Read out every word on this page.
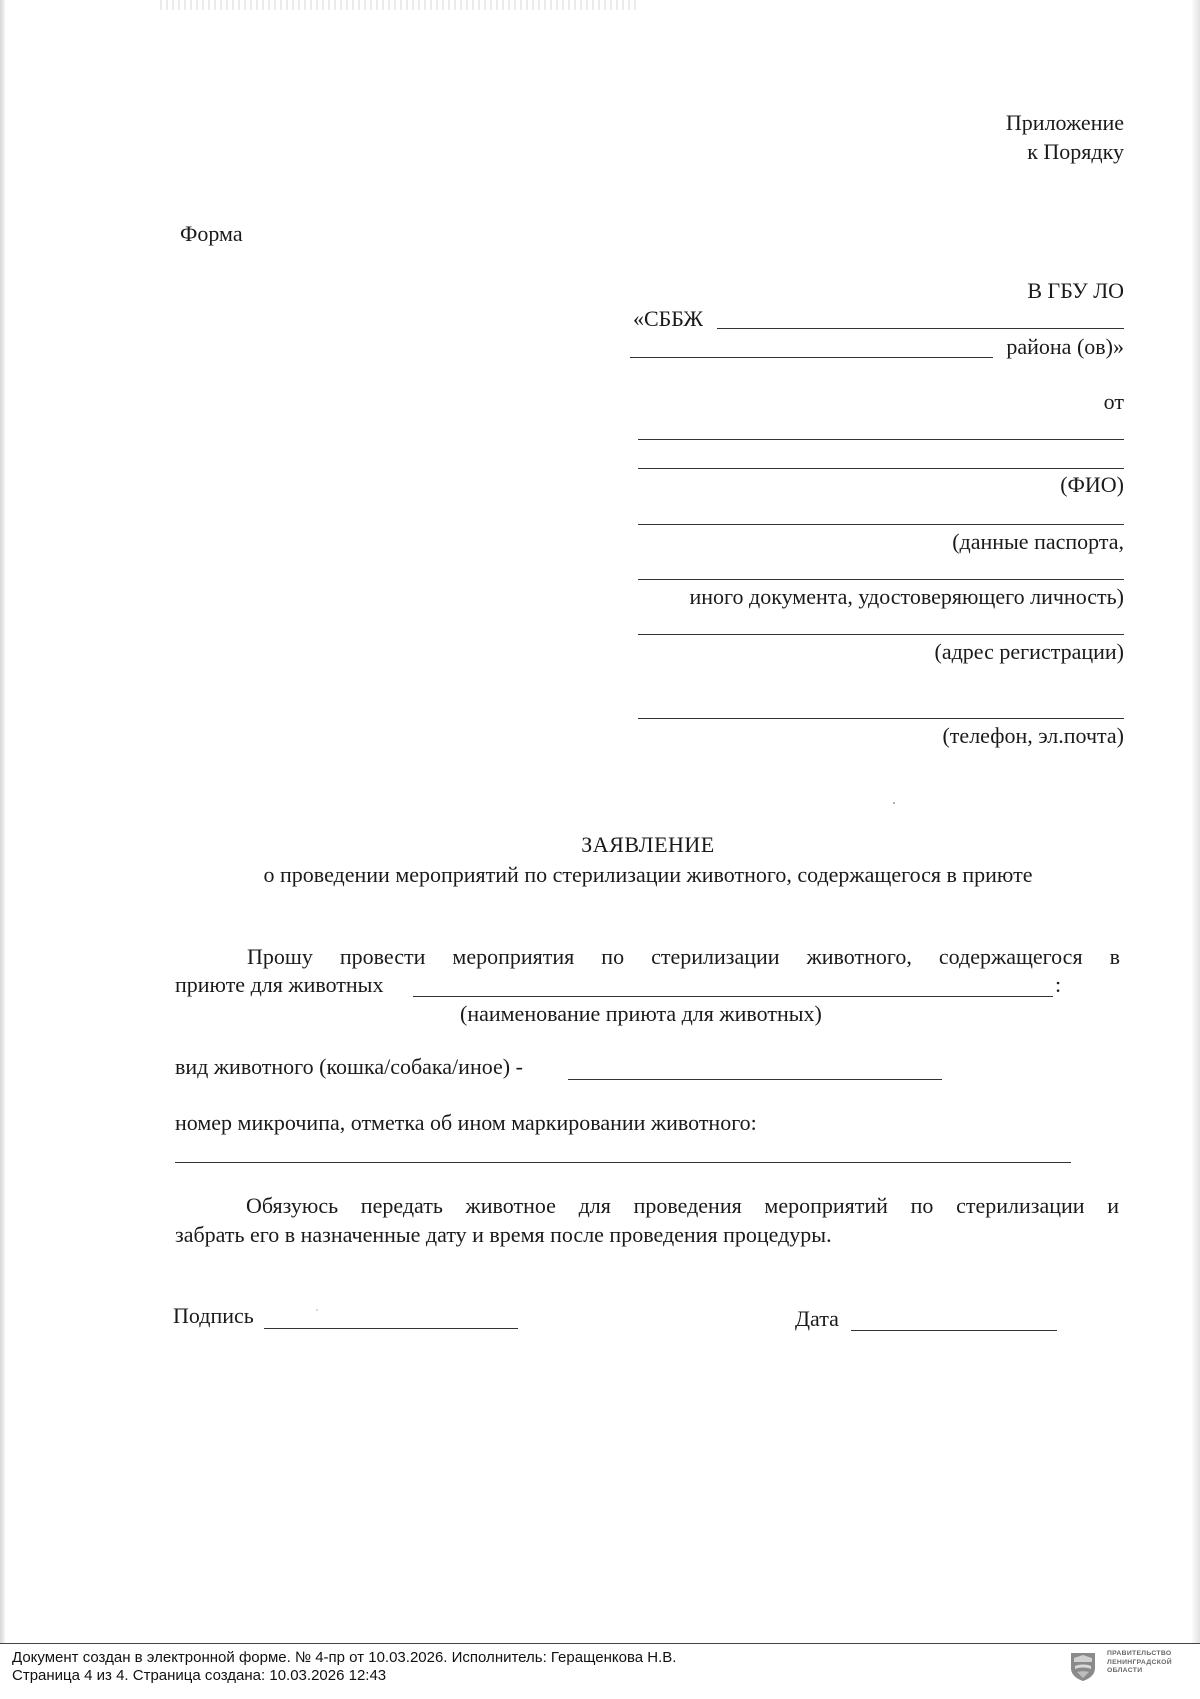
Приложение
к Порядку
Форма
В ГБУ ЛО
«СББЖ
района (ов)»
от
(ФИО)
(данные паспорта,
иного документа, удостоверяющего личность)
(адрес регистрации)
(телефон, эл.почта)
ЗАЯВЛЕНИЕ
о проведении мероприятий по стерилизации животного, содержащегося в приюте
Прошу провести мероприятия по стерилизации животного, содержащегося в
приюте для животных	:
(наименование приюта для животных)
вид животного (кошка/собака/иное) -
номер микрочипа, отметка об ином маркировании животного:
Обязуюсь передать животное для проведения мероприятий по стерилизации и
забрать его в назначенные дату и время после проведения процедуры.
Подпись	Дата
Документ создан в электронной форме. № 4-пр от 10.03.2026. Исполнитель: Геращенкова Н.В.
Страница 4 из 4. Страница создана: 10.03.2026 12:43
ПРАВИТЕЛЬСТВО
ЛЕНИНГРАДСКОЙ
ОБЛАСТИ
